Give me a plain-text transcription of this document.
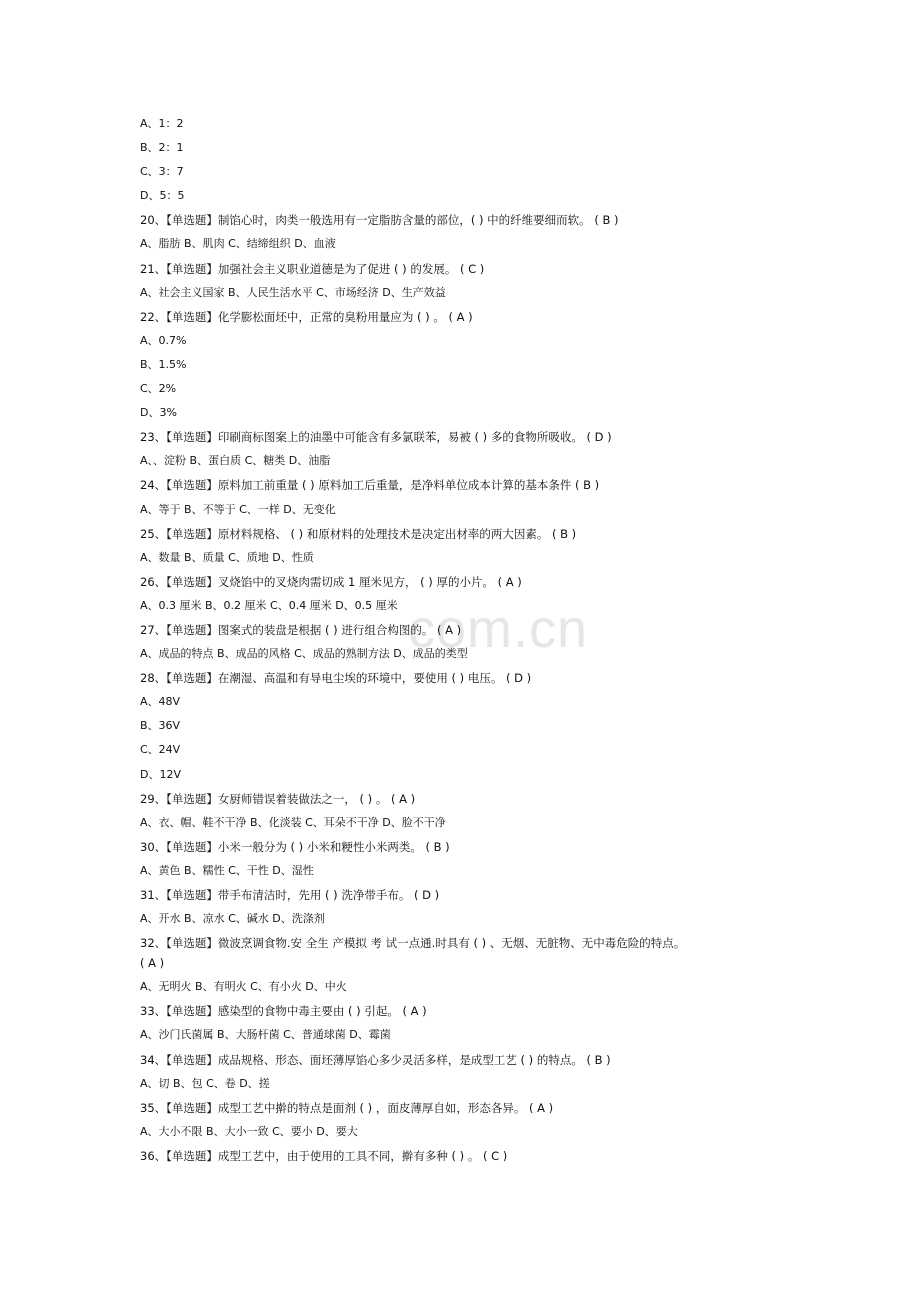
com.cn
A、1：2
B、2：1
C、3：7
D、5：5
20、【单选题】制馅心时，肉类一般选用有一定脂肪含量的部位，( ) 中的纤维要细而软。 ( B )
A、脂肪 B、肌肉 C、结缔组织 D、血液
21、【单选题】加强社会主义职业道德是为了促进 ( ) 的发展。 ( C )
A、社会主义国家 B、人民生活水平 C、市场经济 D、生产效益
22、【单选题】化学膨松面坯中，正常的臭粉用量应为 ( ) 。 ( A )
A、0.7%
B、1.5%
C、2%
D、3%
23、【单选题】印刷商标图案上的油墨中可能含有多氯联苯，易被 ( ) 多的食物所吸收。 ( D )
A、、淀粉 B、蛋白质 C、糖类 D、油脂
24、【单选题】原料加工前重量 ( ) 原料加工后重量，是净料单位成本计算的基本条件 ( B )
A、等于 B、不等于 C、一样 D、无变化
25、【单选题】原材料规格、 ( ) 和原材料的处理技术是决定出材率的两大因素。 ( B )
A、数量 B、质量 C、质地 D、性质
26、【单选题】叉烧馅中的叉烧肉需切成 1 厘米见方， ( ) 厚的小片。 ( A )
A、0.3 厘米 B、0.2 厘米 C、0.4 厘米 D、0.5 厘米
27、【单选题】图案式的装盘是根据 ( ) 进行组合构图的。 ( A )
A、成品的特点 B、成品的风格 C、成品的熟制方法 D、成品的类型
28、【单选题】在潮湿、高温和有导电尘埃的环境中，要使用 ( ) 电压。 ( D )
A、48V
B、36V
C、24V
D、12V
29、【单选题】女厨师错误着装做法之一， ( ) 。 ( A )
A、衣、帽、鞋不干净 B、化淡装 C、耳朵不干净 D、脸不干净
30、【单选题】小米一般分为 ( ) 小米和粳性小米两类。 ( B )
A、黄色 B、糯性 C、干性 D、湿性
31、【单选题】带手布清洁时，先用 ( ) 洗净带手布。 ( D )
A、开水 B、凉水 C、碱水 D、洗涤剂
32、【单选题】微波烹调食物.安 全生 产模拟 考 试一点通.时具有 ( ) 、无烟、无脏物、无中毒危险的特点。
( A )
A、无明火 B、有明火 C、有小火 D、中火
33、【单选题】感染型的食物中毒主要由 ( ) 引起。 ( A )
A、沙门氏菌属 B、大肠杆菌 C、普通球菌 D、霉菌
34、【单选题】成品规格、形态、面坯薄厚馅心多少灵活多样，是成型工艺 ( ) 的特点。 ( B )
A、切 B、包 C、卷 D、搓
35、【单选题】成型工艺中擀的特点是面剂 ( ) ，面皮薄厚自如，形态各异。 ( A )
A、大小不限 B、大小一致 C、要小 D、要大
36、【单选题】成型工艺中，由于使用的工具不同，擀有多种 ( ) 。 ( C )
